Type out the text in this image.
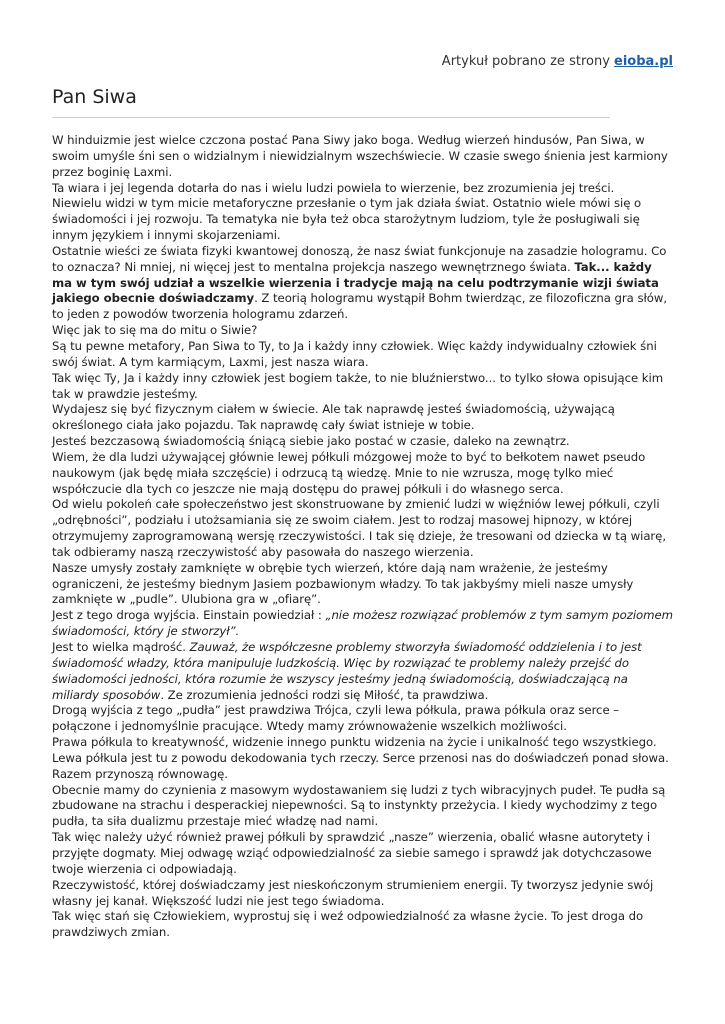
Artykuł pobrano ze strony eioba.pl
Pan Siwa

W hinduizmie jest wielce czczona postać Pana Siwy jako boga. Według wierzeń hindusów, Pan Siwa, w swoim umyśle śni sen o widzialnym i niewidzialnym wszechświecie. W czasie swego śnienia jest karmiony przez boginię Laxmi.

Ta wiara i jej legenda dotarła do nas i wielu ludzi powiela to wierzenie, bez zrozumienia jej treści.

Niewielu widzi w tym micie metaforyczne przesłanie o tym jak działa świat. Ostatnio wiele mówi się o świadomości i jej rozwoju. Ta tematyka nie była też obca starożytnym ludziom, tyle że posługiwali się innym językiem i innymi skojarzeniami.

Ostatnie wieści ze świata fizyki kwantowej donoszą, że nasz świat funkcjonuje na zasadzie hologramu. Co to oznacza? Ni mniej, ni więcej jest to mentalna projekcja naszego wewnętrznego świata. Tak... każdy ma w tym swój udział a wszelkie wierzenia i tradycje mają na celu podtrzymanie wizji świata jakiego obecnie doświadczamy. Z teorią hologramu wystąpił Bohm twierdząc, ze filozoficzna gra słów, to jeden z powodów tworzenia hologramu zdarzeń.

Więc jak to się ma do mitu o Siwie?

Są tu pewne metafory, Pan Siwa to Ty, to Ja i każdy inny człowiek. Więc każdy indywidualny człowiek śni swój świat. A tym karmiącym, Laxmi, jest nasza wiara.

Tak więc Ty, Ja i każdy inny człowiek jest bogiem także, to nie bluźnierstwo... to tylko słowa opisujące kim tak w prawdzie jesteśmy.

Wydajesz się być fizycznym ciałem w świecie. Ale tak naprawdę jesteś świadomością, używającą określonego ciała jako pojazdu. Tak naprawdę cały świat istnieje w tobie.

Jesteś bezczasową świadomością śniącą siebie jako postać w czasie, daleko na zewnątrz.

Wiem, że dla ludzi używającej głównie lewej półkuli mózgowej może to być to bełkotem nawet pseudo naukowym (jak będę miała szczęście) i odrzucą tą wiedzę. Mnie to nie wzrusza, mogę tylko mieć współczucie dla tych co jeszcze nie mają dostępu do prawej półkuli i do własnego serca.

Od wielu pokoleń całe społeczeństwo jest skonstruowane by zmienić ludzi w więźniów lewej półkuli, czyli „odrębności”, podziału i utożsamiania się ze swoim ciałem. Jest to rodzaj masowej hipnozy, w której otrzymujemy zaprogramowaną wersję rzeczywistości. I tak się dzieje, że tresowani od dziecka w tą wiarę, tak odbieramy naszą rzeczywistość aby pasowała do naszego wierzenia.

Nasze umysły zostały zamknięte w obrębie tych wierzeń, które dają nam wrażenie, że jesteśmy ograniczeni, że jesteśmy biednym Jasiem pozbawionym władzy. To tak jakbyśmy mieli nasze umysły zamknięte w „pudle”. Ulubiona gra w „ofiarę”.

Jest z tego droga wyjścia. Einstain powiedział : „nie możesz rozwiązać problemów z tym samym poziomem świadomości, który je stworzył”.

Jest to wielka mądrość. Zauważ, że współczesne problemy stworzyła świadomość oddzielenia i to jest świadomość władzy, która manipuluje ludzkością. Więc by rozwiązać te problemy należy przejść do świadomości jedności, która rozumie że wszyscy jesteśmy jedną świadomością, doświadczającą na miliardy sposobów. Ze zrozumienia jedności rodzi się Miłość, ta prawdziwa.

Drogą wyjścia z tego „pudła” jest prawdziwa Trójca, czyli lewa półkula, prawa półkula oraz serce – połączone i jednomyślnie pracujące. Wtedy mamy zrównoważenie wszelkich możliwości.

Prawa półkula to kreatywność, widzenie innego punktu widzenia na życie i unikalność tego wszystkiego. Lewa półkula jest tu z powodu dekodowania tych rzeczy. Serce przenosi nas do doświadczeń ponad słowa. Razem przynoszą równowagę.

Obecnie mamy do czynienia z masowym wydostawaniem się ludzi z tych wibracyjnych pudeł. Te pudła są zbudowane na strachu i desperackiej niepewności. Są to instynkty przeżycia. I kiedy wychodzimy z tego pudła, ta siła dualizmu przestaje mieć władzę nad nami.

Tak więc należy użyć również prawej półkuli by sprawdzić „nasze” wierzenia, obalić własne autorytety i przyjęte dogmaty. Miej odwagę wziąć odpowiedzialność za siebie samego i sprawdź jak dotychczasowe twoje wierzenia ci odpowiadają.

Rzeczywistość, której doświadczamy jest nieskończonym strumieniem energii. Ty tworzysz jedynie swój własny jej kanał. Większość ludzi nie jest tego świadoma.

Tak więc stań się Człowiekiem, wyprostuj się i weź odpowiedzialność za własne życie. To jest droga do prawdziwych zmian.
